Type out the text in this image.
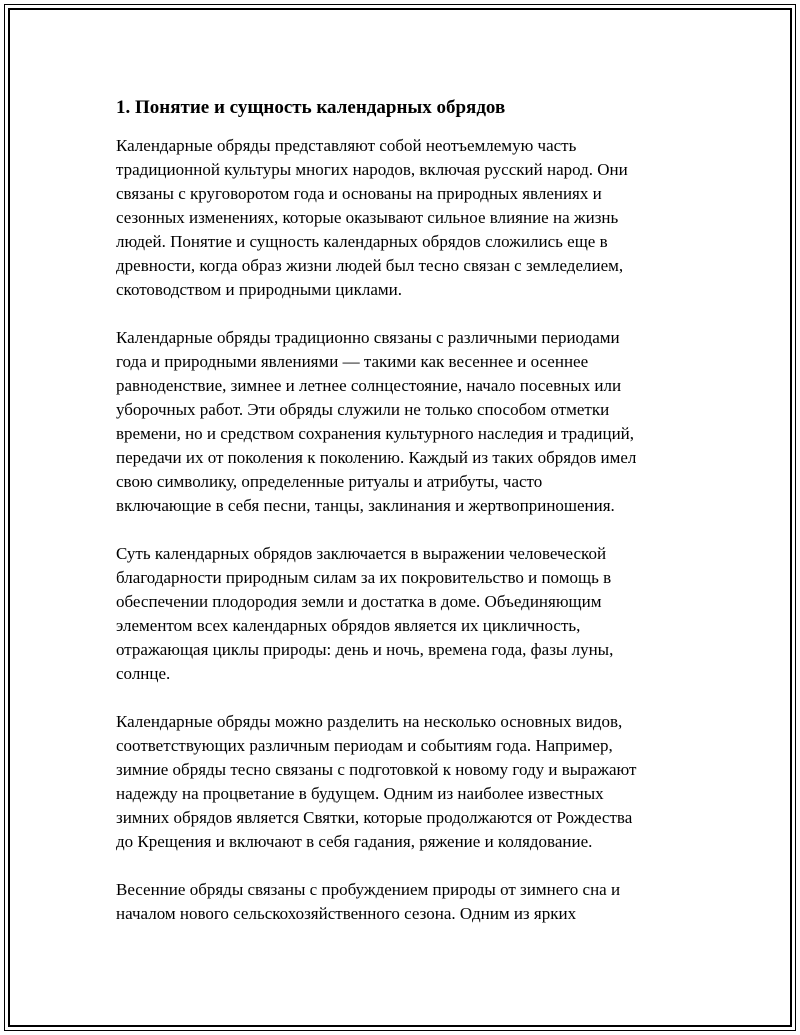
1. Понятие и сущность календарных обрядов
Календарные обряды представляют собой неотъемлемую часть
традиционной культуры многих народов, включая русский народ. Они
связаны с круговоротом года и основаны на природных явлениях и
сезонных изменениях, которые оказывают сильное влияние на жизнь
людей. Понятие и сущность календарных обрядов сложились еще в
древности, когда образ жизни людей был тесно связан с земледелием,
скотоводством и природными циклами.
Календарные обряды традиционно связаны с различными периодами
года и природными явлениями — такими как весеннее и осеннее
равноденствие, зимнее и летнее солнцестояние, начало посевных или
уборочных работ. Эти обряды служили не только способом отметки
времени, но и средством сохранения культурного наследия и традиций,
передачи их от поколения к поколению. Каждый из таких обрядов имел
свою символику, определенные ритуалы и атрибуты, часто
включающие в себя песни, танцы, заклинания и жертвоприношения.
Суть календарных обрядов заключается в выражении человеческой
благодарности природным силам за их покровительство и помощь в
обеспечении плодородия земли и достатка в доме. Объединяющим
элементом всех календарных обрядов является их цикличность,
отражающая циклы природы: день и ночь, времена года, фазы луны,
солнце.
Календарные обряды можно разделить на несколько основных видов,
соответствующих различным периодам и событиям года. Например,
зимние обряды тесно связаны с подготовкой к новому году и выражают
надежду на процветание в будущем. Одним из наиболее известных
зимних обрядов является Святки, которые продолжаются от Рождества
до Крещения и включают в себя гадания, ряжение и колядование.
Весенние обряды связаны с пробуждением природы от зимнего сна и
началом нового сельскохозяйственного сезона. Одним из ярких
